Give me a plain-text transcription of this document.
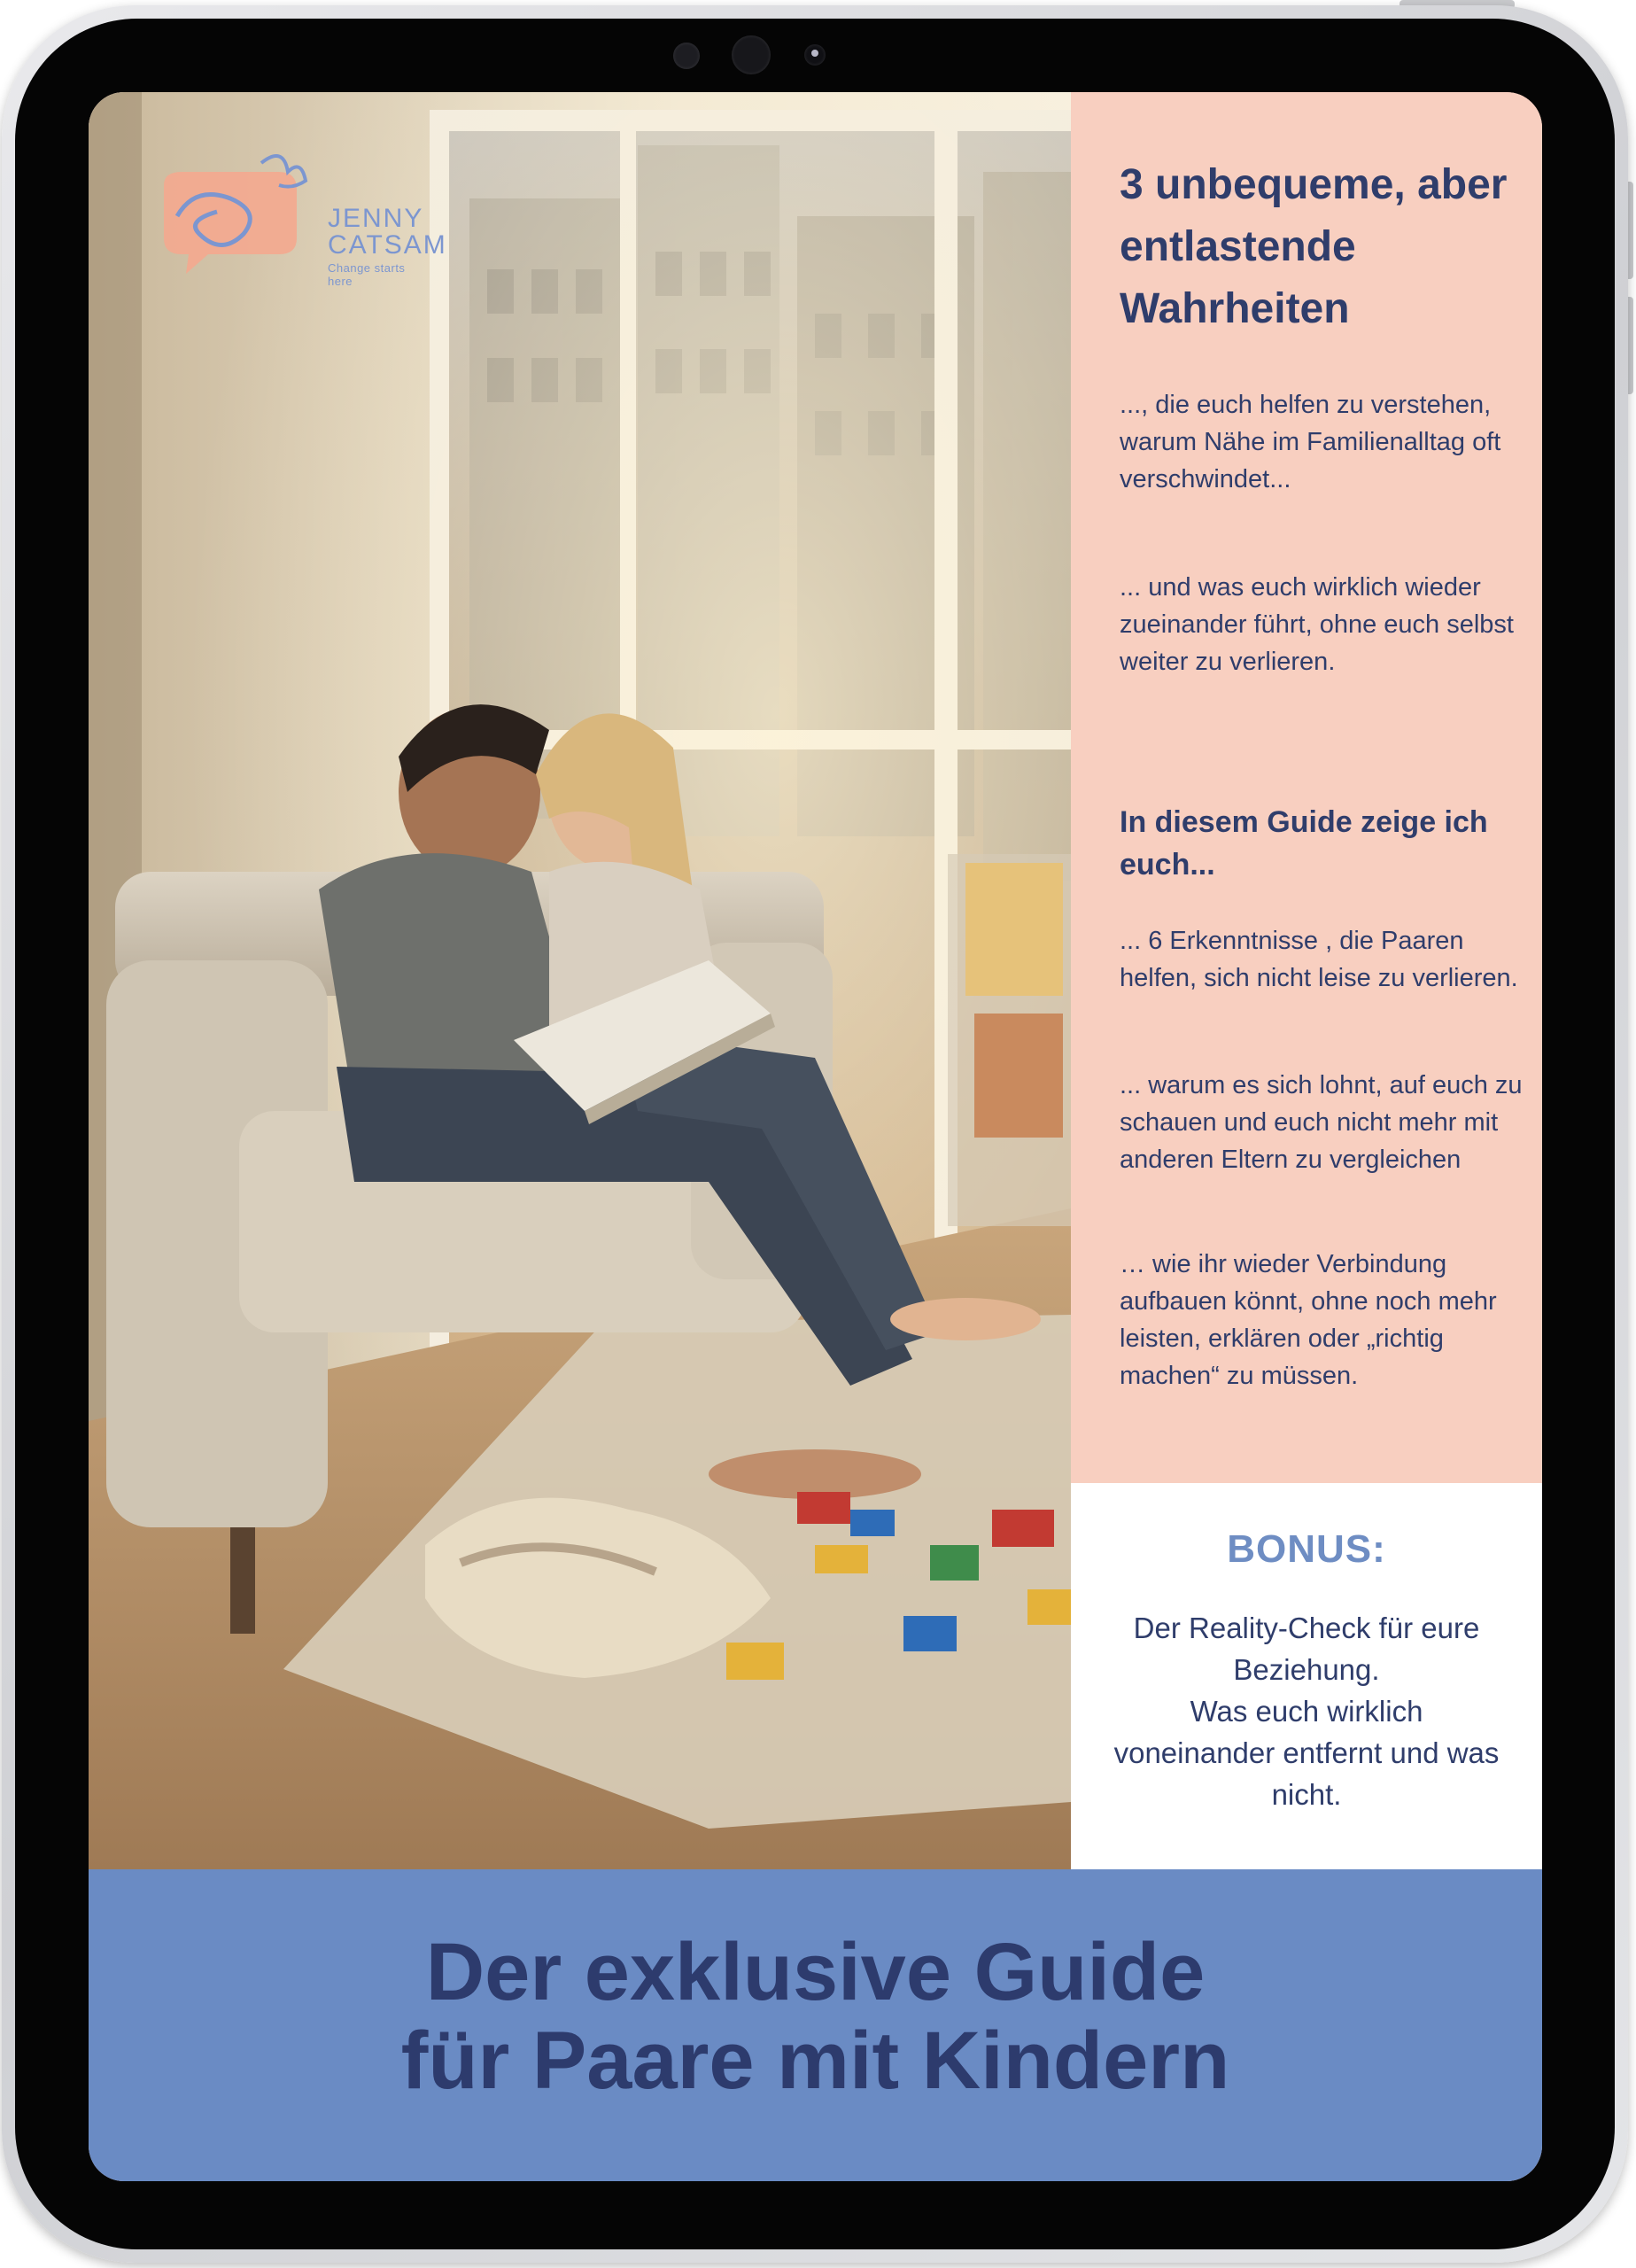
JENNY
CATSAM
Change starts here
3 unbequeme, aber entlastende Wahrheiten
..., die euch helfen zu verstehen, warum Nähe im Familienalltag oft verschwindet...
... und was euch wirklich wieder zueinander führt, ohne euch selbst weiter zu verlieren.
In diesem Guide zeige ich euch...
... 6 Erkenntnisse , die Paaren helfen, sich nicht leise zu verlieren.
... warum es sich lohnt, auf euch zu schauen und euch nicht mehr mit anderen Eltern zu vergleichen
… wie ihr wieder Verbindung aufbauen könnt, ohne noch mehr leisten, erklären oder „richtig machen“ zu müssen.
BONUS:
Der Reality-Check für eure Beziehung.
Was euch wirklich voneinander entfernt und was nicht.
Der exklusive Guide
für Paare mit Kindern
